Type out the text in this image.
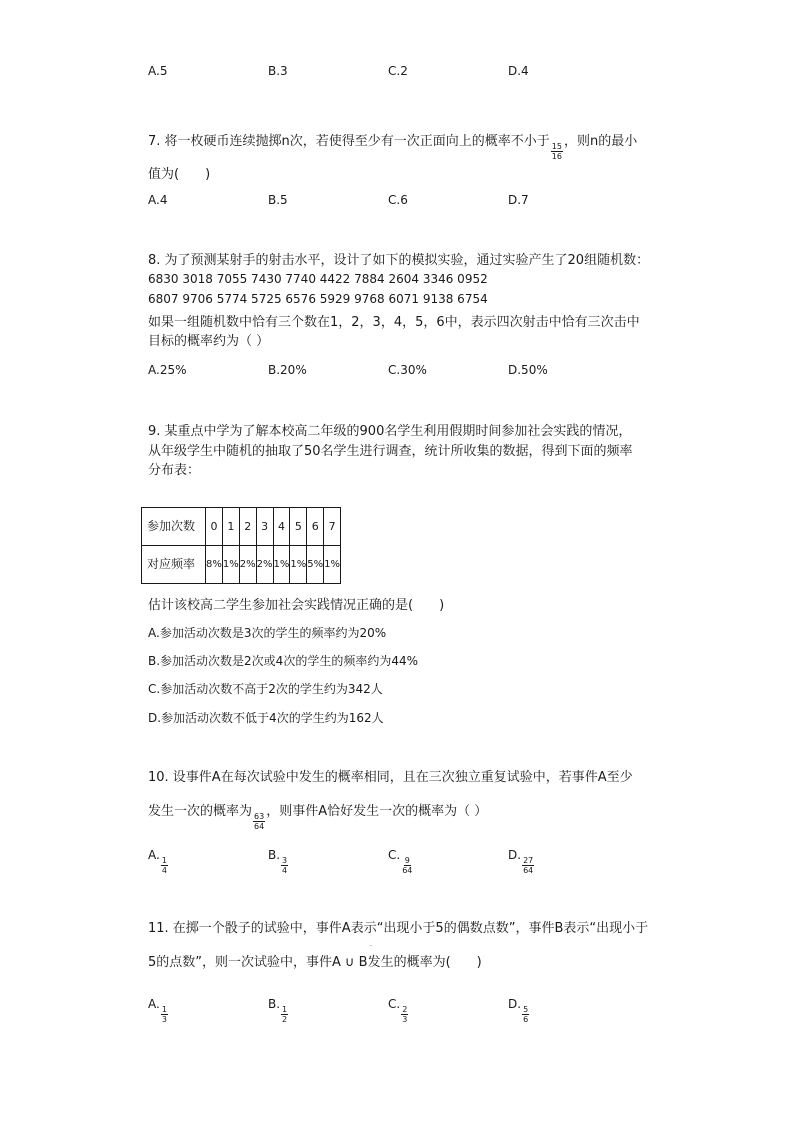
A.5	B.3	C.2	D.4
7. 将一枚硬币连续抛掷n次，若使得至少有一次正面向上的概率不小于
$\frac{15}{16}$
，则n的最小
值为(　　)
A.4	B.5	C.6	D.7
8. 为了预测某射手的射击水平，设计了如下的模拟实验，通过实验产生了20组随机数：
6830 3018 7055 7430 7740 4422 7884 2604 3346 0952
6807 9706 5774 5725 6576 5929 9768 6071 9138 6754
如果一组随机数中恰有三个数在1，2，3，4，5，6中，表示四次射击中恰有三次击中
目标的概率约为（ ）
A.25%	B.20%	C.30%	D.50%
9. 某重点中学为了解本校高二年级的900名学生利用假期时间参加社会实践的情况，
从年级学生中随机的抽取了50名学生进行调查，统计所收集的数据，得到下面的频率
分布表：
参加次数	0	1	2	3	4	5	6	7
对应频率	8%	1%	2%	2%	1%	1%	5%	1%
估计该校高二学生参加社会实践情况正确的是(　　)
A.参加活动次数是3次的学生的频率约为20%
B.参加活动次数是2次或4次的学生的频率约为44%
C.参加活动次数不高于2次的学生约为342人
D.参加活动次数不低于4次的学生约为162人
10. 设事件A在每次试验中发生的概率相同，且在三次独立重复试验中，若事件A至少
发生一次的概率为
$\frac{63}{64}$
，则事件A恰好发生一次的概率为（ ）
A.
$\frac{1}{4}$
B.
$\frac{3}{4}$
C.
$\frac{9}{64}$
D.
$\frac{27}{64}$
11. 在掷一个骰子的试验中，事件A表示“出现小于5的偶数点数”，事件B表示“出现小于
.
5的点数”，则一次试验中，事件A ∪ B发生的概率为(　　)
A.
$\frac{1}{3}$
B.
$\frac{1}{2}$
C.
$\frac{2}{3}$
D.
$\frac{5}{6}$
